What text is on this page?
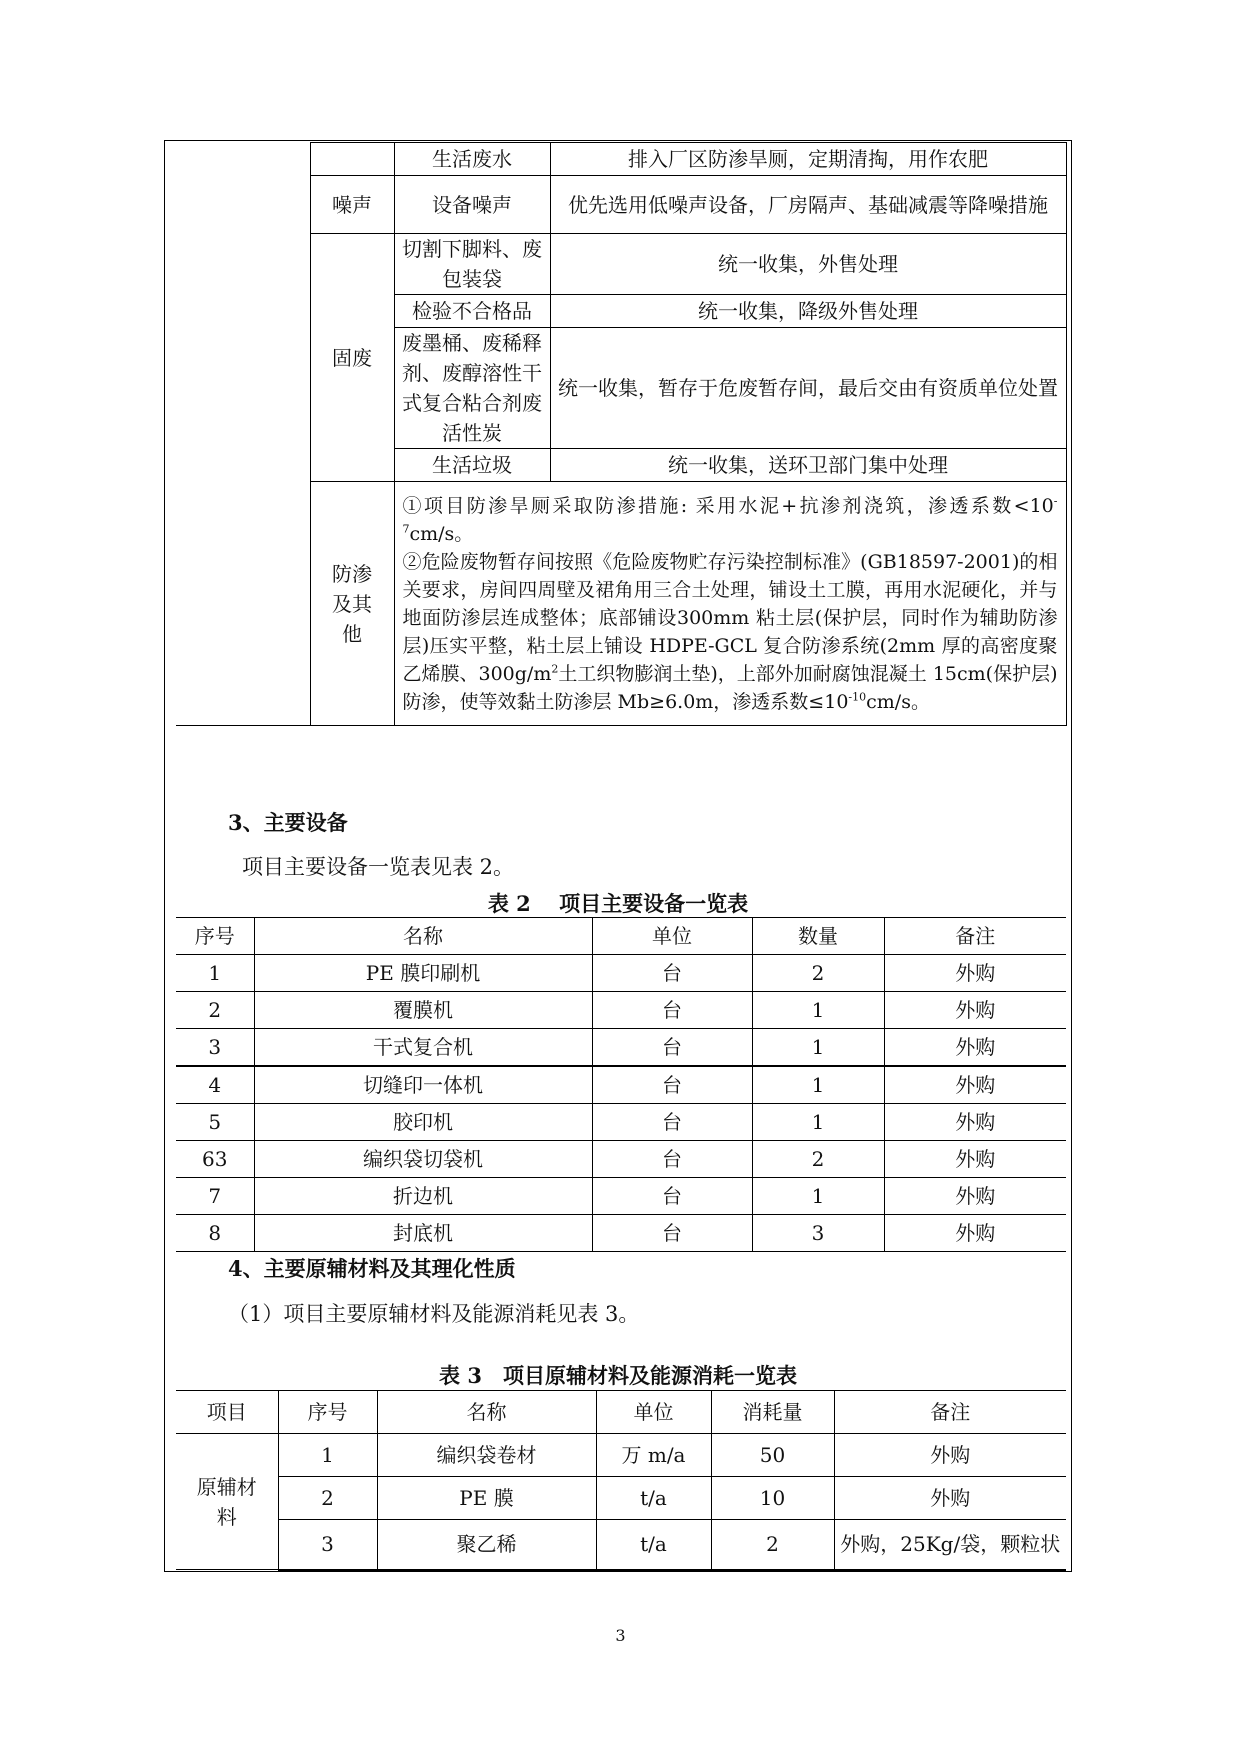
		生活废水	排入厂区防渗旱厕，定期清掏，用作农肥
	噪声	设备噪声	优先选用低噪声设备，厂房隔声、基础减震等降噪措施
	固废	切割下脚料、废包装袋	统一收集，外售处理
		检验不合格品	统一收集，降级外售处理
		废墨桶、废稀释剂、废醇溶性干式复合粘合剂废活性炭	统一收集，暂存于危废暂存间，最后交由有资质单位处置
		生活垃圾	统一收集，送环卫部门集中处理
	防渗及其他	①项目防渗旱厕采取防渗措施: 采用水泥+抗渗剂浇筑，渗透系数$<10^{-7}cm/s$。
②危险废物暂存间按照《危险废物贮存污染控制标准》(GB18597-2001)的相关要求，房间四周壁及裙角用三合土处理，铺设土工膜，再用水泥硬化，并与地面防渗层连成整体；底部铺设300mm 粘土层(保护层，同时作为辅助防渗层)压实平整，粘土层上铺设 HDPE-GCL 复合防渗系统(2mm 厚的高密度聚乙烯膜、$300g/m^2$土工织物膨润土垫)，上部外加耐腐蚀混凝土 15cm(保护层)防渗，使等效黏土防渗层 Mb≥6.0m，渗透系数$\le 10^{-10}cm/s$。	
3、主要设备
项目主要设备一览表见表 2。
表 2　 项目主要设备一览表
序号	名称	单位	数量	备注
1	PE 膜印刷机	台	2	外购
2	覆膜机	台	1	外购
3	干式复合机	台	1	外购
4	切缝印一体机	台	1	外购
5	胶印机	台	1	外购
63	编织袋切袋机	台	2	外购
7	折边机	台	1	外购
8	封底机	台	3	外购
4、主要原辅材料及其理化性质
（1）项目主要原辅材料及能源消耗见表 3。
表 3　项目原辅材料及能源消耗一览表
项目	序号	名称	单位	消耗量	备注
原辅材料	1	编织袋卷材	万 m/a	50	外购
	2	PE 膜	t/a	10	外购
	3	聚乙稀	t/a	2	外购，25Kg/袋，颗粒状
3
